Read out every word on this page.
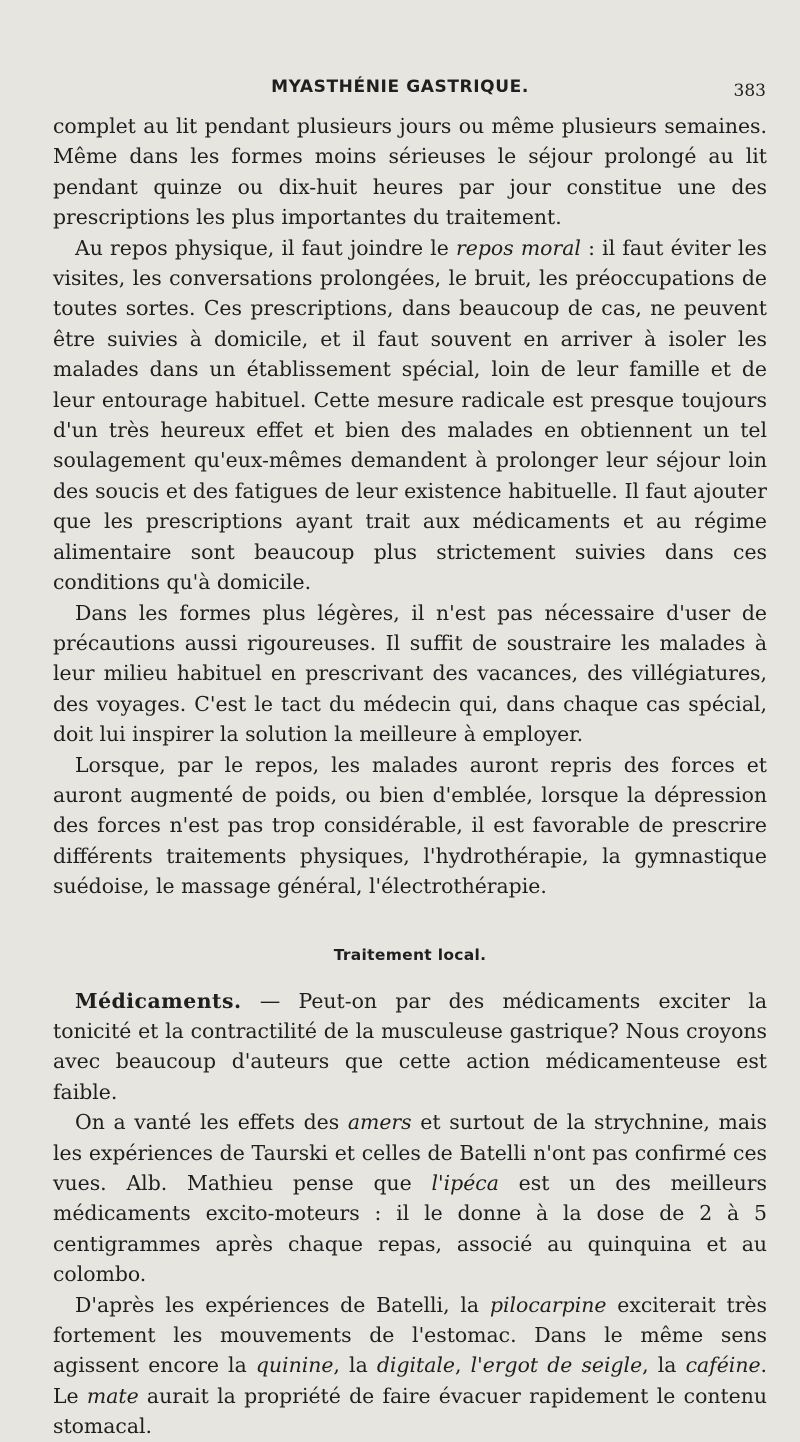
MYASTHÉNIE GASTRIQUE.	383

complet au lit pendant plusieurs jours ou même plusieurs semaines. Même dans les formes moins sérieuses le séjour prolongé au lit pendant quinze ou dix-huit heures par jour constitue une des prescriptions les plus importantes du traitement.

Au repos physique, il faut joindre le repos moral : il faut éviter les visites, les conversations prolongées, le bruit, les préoccupations de toutes sortes. Ces prescriptions, dans beaucoup de cas, ne peuvent être suivies à domicile, et il faut souvent en arriver à isoler les malades dans un établissement spécial, loin de leur famille et de leur entourage habituel. Cette mesure radicale est presque toujours d'un très heureux effet et bien des malades en obtiennent un tel soulagement qu'eux-mêmes demandent à prolonger leur séjour loin des soucis et des fatigues de leur existence habituelle. Il faut ajouter que les prescriptions ayant trait aux médicaments et au régime alimentaire sont beaucoup plus strictement suivies dans ces conditions qu'à domicile.

Dans les formes plus légères, il n'est pas nécessaire d'user de précautions aussi rigoureuses. Il suffit de soustraire les malades à leur milieu habituel en prescrivant des vacances, des villégiatures, des voyages. C'est le tact du médecin qui, dans chaque cas spécial, doit lui inspirer la solution la meilleure à employer.

Lorsque, par le repos, les malades auront repris des forces et auront augmenté de poids, ou bien d'emblée, lorsque la dépression des forces n'est pas trop considérable, il est favorable de prescrire différents traitements physiques, l'hydrothérapie, la gymnastique suédoise, le massage général, l'électrothérapie.

Traitement local.

Médicaments. — Peut-on par des médicaments exciter la tonicité et la contractilité de la musculeuse gastrique? Nous croyons avec beaucoup d'auteurs que cette action médicamenteuse est faible.

On a vanté les effets des amers et surtout de la strychnine, mais les expériences de Taurski et celles de Batelli n'ont pas confirmé ces vues. Alb. Mathieu pense que l'ipéca est un des meilleurs médicaments excito-moteurs : il le donne à la dose de 2 à 5 centigrammes après chaque repas, associé au quinquina et au colombo.

D'après les expériences de Batelli, la pilocarpine exciterait très fortement les mouvements de l'estomac. Dans le même sens agissent encore la quinine, la digitale, l'ergot de seigle, la caféine. Le mate aurait la propriété de faire évacuer rapidement le contenu stomacal.
